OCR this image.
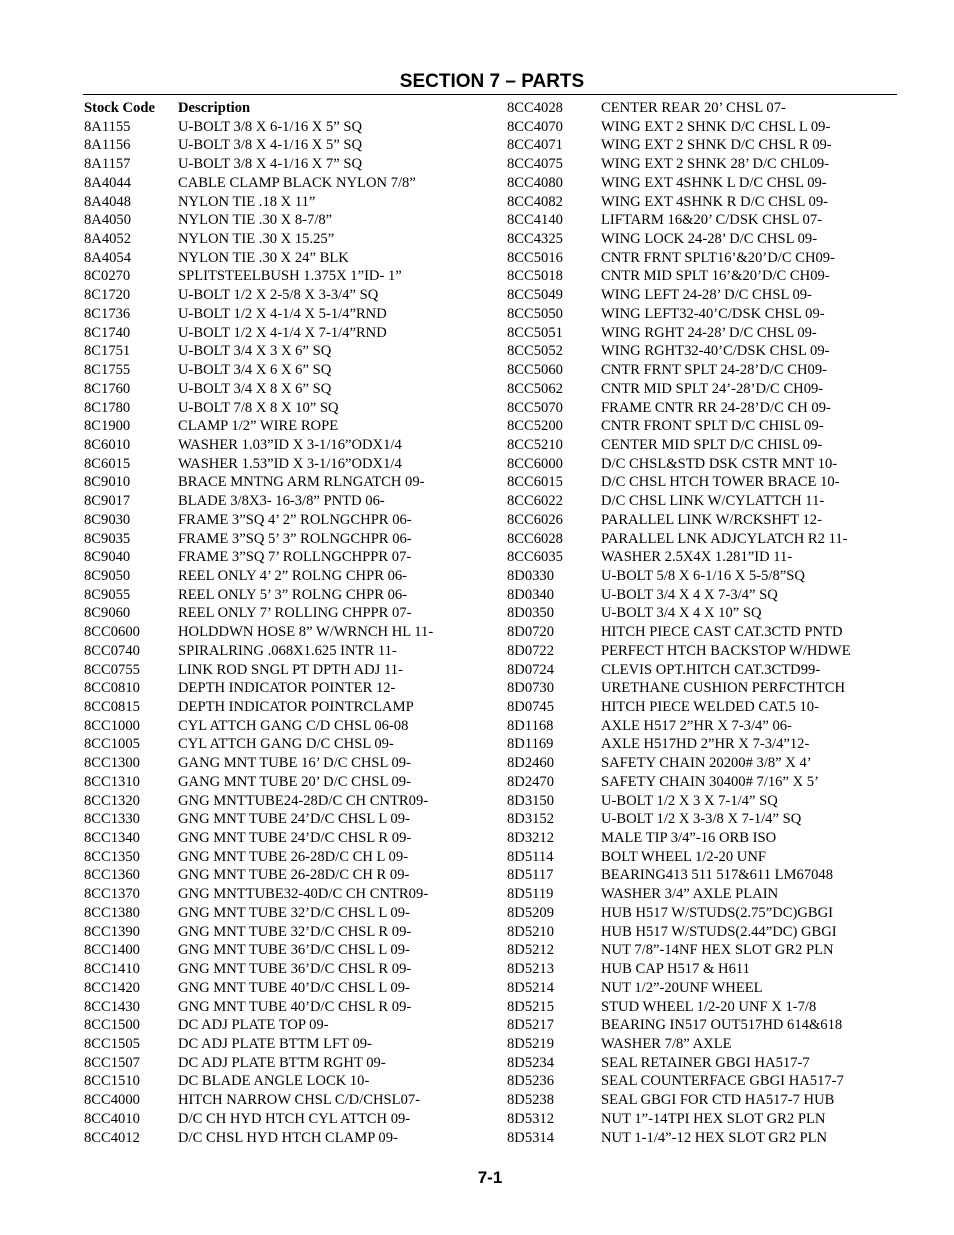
SECTION 7 – PARTS
Stock Code Description
8A1155	U-BOLT 3/8 X 6-1/16 X 5” SQ
8A1156	U-BOLT 3/8 X 4-1/16 X 5” SQ
8A1157	U-BOLT 3/8 X 4-1/16 X 7” SQ
8A4044	CABLE CLAMP BLACK NYLON 7/8”
8A4048	NYLON TIE .18 X 11”
8A4050	NYLON TIE .30 X 8-7/8”
8A4052	NYLON TIE .30 X 15.25”
8A4054	NYLON TIE .30 X 24” BLK
8C0270	SPLITSTEELBUSH 1.375X 1”ID- 1”
8C1720	U-BOLT 1/2 X 2-5/8 X 3-3/4” SQ
8C1736	U-BOLT 1/2 X 4-1/4 X 5-1/4”RND
8C1740	U-BOLT 1/2 X 4-1/4 X 7-1/4”RND
8C1751	U-BOLT 3/4 X 3 X 6” SQ
8C1755	U-BOLT 3/4 X 6 X 6” SQ
8C1760	U-BOLT 3/4 X 8 X 6” SQ
8C1780	U-BOLT 7/8 X 8 X 10” SQ
8C1900	CLAMP 1/2” WIRE ROPE
8C6010	WASHER 1.03”ID X 3-1/16”ODX1/4
8C6015	WASHER 1.53”ID X 3-1/16”ODX1/4
8C9010	BRACE MNTNG ARM RLNGATCH 09-
8C9017	BLADE 3/8X3- 16-3/8” PNTD 06-
8C9030	FRAME 3”SQ 4’ 2” ROLNGCHPR 06-
8C9035	FRAME 3”SQ 5’ 3” ROLNGCHPR 06-
8C9040	FRAME 3”SQ 7’ ROLLNGCHPPR 07-
8C9050	REEL ONLY 4’ 2” ROLNG CHPR 06-
8C9055	REEL ONLY 5’ 3” ROLNG CHPR 06-
8C9060	REEL ONLY 7’ ROLLING CHPPR 07-
8CC0600	HOLDDWN HOSE 8” W/WRNCH HL 11-
8CC0740	SPIRALRING .068X1.625 INTR 11-
8CC0755	LINK ROD SNGL PT DPTH ADJ 11-
8CC0810	DEPTH INDICATOR POINTER 12-
8CC0815	DEPTH INDICATOR POINTRCLAMP
8CC1000	CYL ATTCH GANG C/D CHSL 06-08
8CC1005	CYL ATTCH GANG D/C CHSL 09-
8CC1300	GANG MNT TUBE 16’ D/C CHSL 09-
8CC1310	GANG MNT TUBE 20’ D/C CHSL 09-
8CC1320	GNG MNTTUBE24-28D/C CH CNTR09-
8CC1330	GNG MNT TUBE 24’D/C CHSL L 09-
8CC1340	GNG MNT TUBE 24’D/C CHSL R 09-
8CC1350	GNG MNT TUBE 26-28D/C CH L 09-
8CC1360	GNG MNT TUBE 26-28D/C CH R 09-
8CC1370	GNG MNTTUBE32-40D/C CH CNTR09-
8CC1380	GNG MNT TUBE 32’D/C CHSL L 09-
8CC1390	GNG MNT TUBE 32’D/C CHSL R 09-
8CC1400	GNG MNT TUBE 36’D/C CHSL L 09-
8CC1410	GNG MNT TUBE 36’D/C CHSL R 09-
8CC1420	GNG MNT TUBE 40’D/C CHSL L 09-
8CC1430	GNG MNT TUBE 40’D/C CHSL R 09-
8CC1500	DC ADJ PLATE TOP 09-
8CC1505	DC ADJ PLATE BTTM LFT 09-
8CC1507	DC ADJ PLATE BTTM RGHT 09-
8CC1510	DC BLADE ANGLE LOCK 10-
8CC4000	HITCH NARROW CHSL C/D/CHSL07-
8CC4010	D/C CH HYD HTCH CYL ATTCH 09-
8CC4012	D/C CHSL HYD HTCH CLAMP 09-
8CC4028	CENTER REAR 20’ CHSL 07-
8CC4070	WING EXT 2 SHNK D/C CHSL L 09-
8CC4071	WING EXT 2 SHNK D/C CHSL R 09-
8CC4075	WING EXT 2 SHNK 28’ D/C CHL09-
8CC4080	WING EXT 4SHNK L D/C CHSL 09-
8CC4082	WING EXT 4SHNK R D/C CHSL 09-
8CC4140	LIFTARM 16&20’ C/DSK CHSL 07-
8CC4325	WING LOCK 24-28’ D/C CHSL 09-
8CC5016	CNTR FRNT SPLT16’&20’D/C CH09-
8CC5018	CNTR MID SPLT 16’&20’D/C CH09-
8CC5049	WING LEFT 24-28’ D/C CHSL 09-
8CC5050	WING LEFT32-40’C/DSK CHSL 09-
8CC5051	WING RGHT 24-28’ D/C CHSL 09-
8CC5052	WING RGHT32-40’C/DSK CHSL 09-
8CC5060	CNTR FRNT SPLT 24-28’D/C CH09-
8CC5062	CNTR MID SPLT 24’-28’D/C CH09-
8CC5070	FRAME CNTR RR 24-28’D/C CH 09-
8CC5200	CNTR FRONT SPLT D/C CHISL 09-
8CC5210	CENTER MID SPLT D/C CHISL 09-
8CC6000	D/C CHSL&STD DSK CSTR MNT 10-
8CC6015	D/C CHSL HTCH TOWER BRACE 10-
8CC6022	D/C CHSL LINK W/CYLATTCH 11-
8CC6026	PARALLEL LINK W/RCKSHFT 12-
8CC6028	PARALLEL LNK ADJCYLATCH R2 11-
8CC6035	WASHER 2.5X4X 1.281”ID 11-
8D0330	U-BOLT 5/8 X 6-1/16 X 5-5/8”SQ
8D0340	U-BOLT 3/4 X 4 X 7-3/4” SQ
8D0350	U-BOLT 3/4 X 4 X 10” SQ
8D0720	HITCH PIECE CAST CAT.3CTD PNTD
8D0722	PERFECT HTCH BACKSTOP W/HDWE
8D0724	CLEVIS OPT.HITCH CAT.3CTD99-
8D0730	URETHANE CUSHION PERFCTHTCH
8D0745	HITCH PIECE WELDED CAT.5 10-
8D1168	AXLE H517 2”HR X 7-3/4” 06-
8D1169	AXLE H517HD 2”HR X 7-3/4”12-
8D2460	SAFETY CHAIN 20200# 3/8” X 4’
8D2470	SAFETY CHAIN 30400# 7/16” X 5’
8D3150	U-BOLT 1/2 X 3 X 7-1/4” SQ
8D3152	U-BOLT 1/2 X 3-3/8 X 7-1/4” SQ
8D3212	MALE TIP 3/4”-16 ORB ISO
8D5114	BOLT WHEEL 1/2-20 UNF
8D5117	BEARING413 511 517&611 LM67048
8D5119	WASHER 3/4” AXLE PLAIN
8D5209	HUB H517 W/STUDS(2.75”DC)GBGI
8D5210	HUB H517 W/STUDS(2.44”DC) GBGI
8D5212	NUT 7/8”-14NF HEX SLOT GR2 PLN
8D5213	HUB CAP H517 & H611
8D5214	NUT 1/2”-20UNF WHEEL
8D5215	STUD WHEEL 1/2-20 UNF X 1-7/8
8D5217	BEARING IN517 OUT517HD 614&618
8D5219	WASHER 7/8” AXLE
8D5234	SEAL RETAINER GBGI HA517-7
8D5236	SEAL COUNTERFACE GBGI HA517-7
8D5238	SEAL GBGI FOR CTD HA517-7 HUB
8D5312	NUT 1”-14TPI HEX SLOT GR2 PLN
8D5314	NUT 1-1/4”-12 HEX SLOT GR2 PLN
7-1
